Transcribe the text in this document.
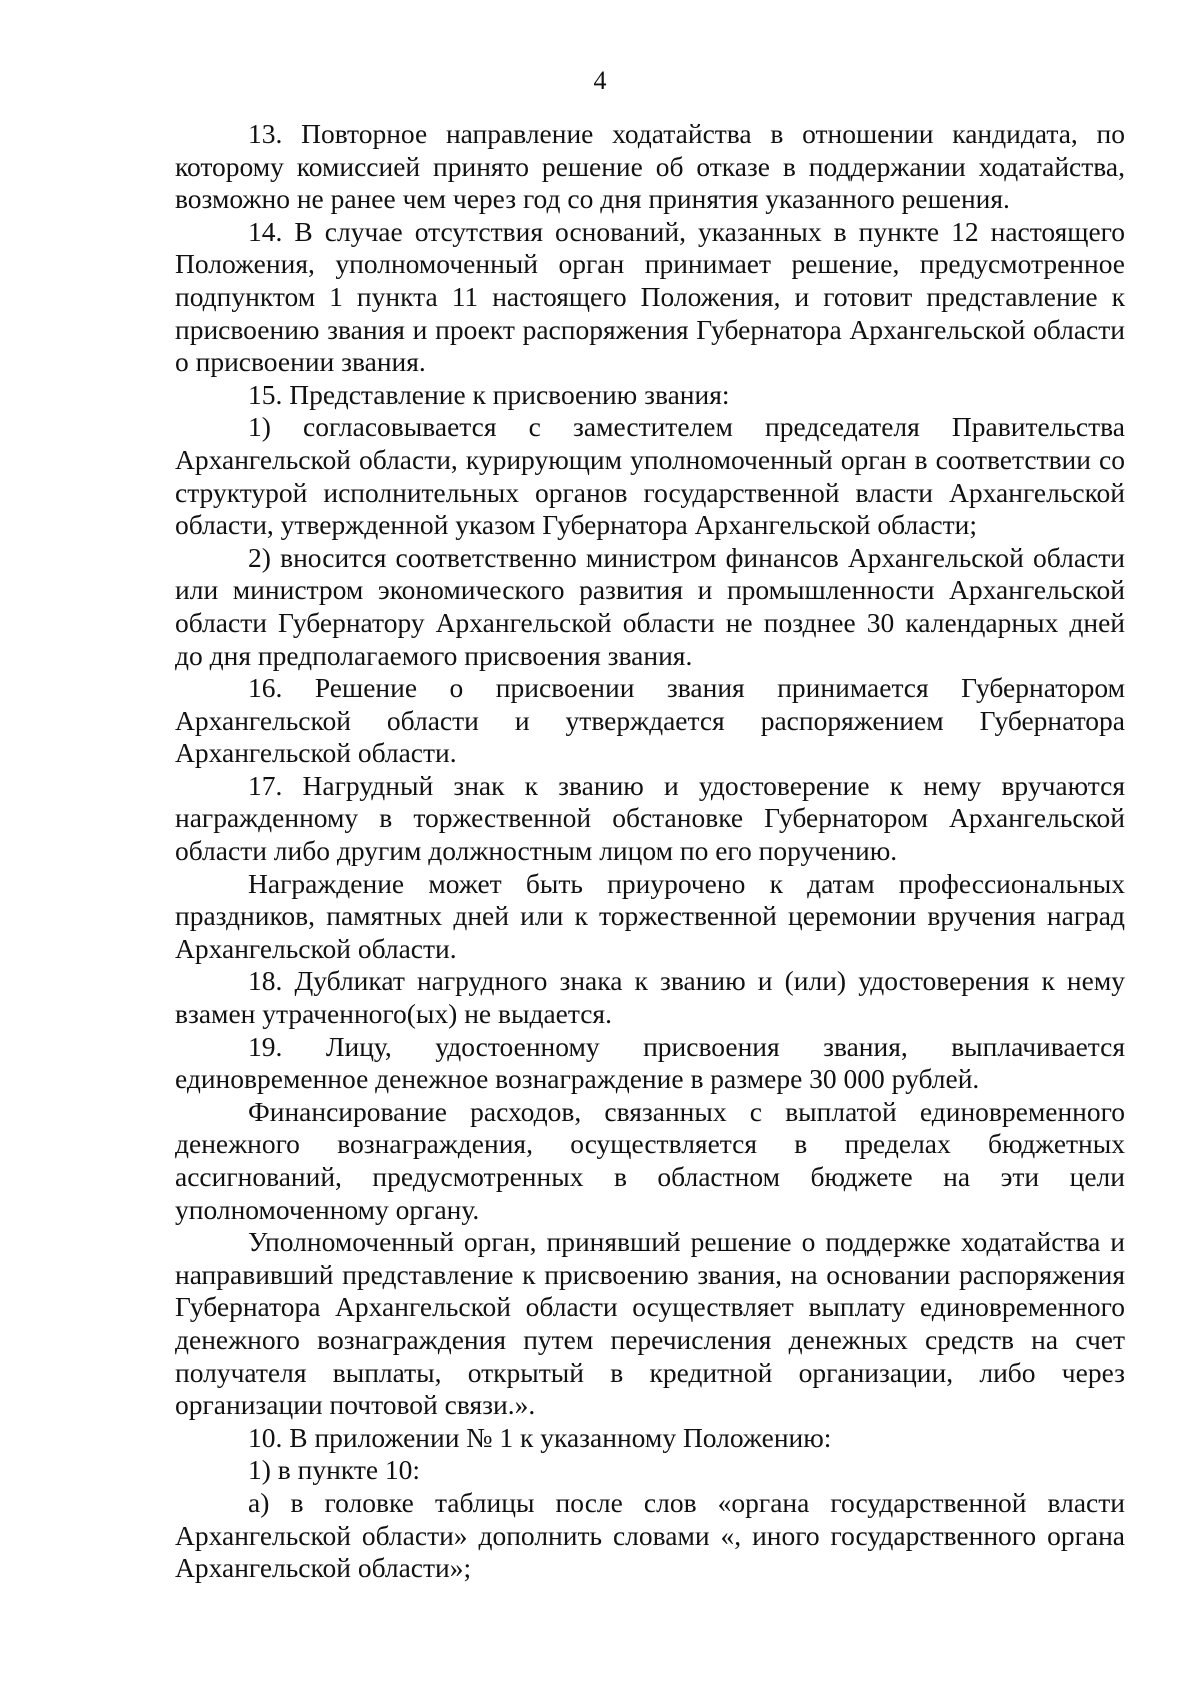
4

13. Повторное направление ходатайства в отношении кандидата, по которому комиссией принято решение об отказе в поддержании ходатайства, возможно не ранее чем через год со дня принятия указанного решения.

14. В случае отсутствия оснований, указанных в пункте 12 настоящего Положения, уполномоченный орган принимает решение, предусмотренное подпунктом 1 пункта 11 настоящего Положения, и готовит представление к присвоению звания и проект распоряжения Губернатора Архангельской области о присвоении звания.

15. Представление к присвоению звания:

1) согласовывается с заместителем председателя Правительства Архангельской области, курирующим уполномоченный орган в соответствии со структурой исполнительных органов государственной власти Архангельской области, утвержденной указом Губернатора Архангельской области;

2) вносится соответственно министром финансов Архангельской области или министром экономического развития и промышленности Архангельской области Губернатору Архангельской области не позднее 30 календарных дней до дня предполагаемого присвоения звания.

16. Решение о присвоении звания принимается Губернатором Архангельской области и утверждается распоряжением Губернатора Архангельской области.

17. Нагрудный знак к званию и удостоверение к нему вручаются награжденному в торжественной обстановке Губернатором Архангельской области либо другим должностным лицом по его поручению.

Награждение может быть приурочено к датам профессиональных праздников, памятных дней или к торжественной церемонии вручения наград Архангельской области.

18. Дубликат нагрудного знака к званию и (или) удостоверения к нему взамен утраченного(ых) не выдается.

19. Лицу, удостоенному присвоения звания, выплачивается единовременное денежное вознаграждение в размере 30 000 рублей.

Финансирование расходов, связанных с выплатой единовременного денежного вознаграждения, осуществляется в пределах бюджетных ассигнований, предусмотренных в областном бюджете на эти цели уполномоченному органу.

Уполномоченный орган, принявший решение о поддержке ходатайства и направивший представление к присвоению звания, на основании распоряжения Губернатора Архангельской области осуществляет выплату единовременного денежного вознаграждения путем перечисления денежных средств на счет получателя выплаты, открытый в кредитной организации, либо через организации почтовой связи.».

10. В приложении № 1 к указанному Положению:

1) в пункте 10:

а) в головке таблицы после слов «органа государственной власти Архангельской области» дополнить словами «, иного государственного органа Архангельской области»;
